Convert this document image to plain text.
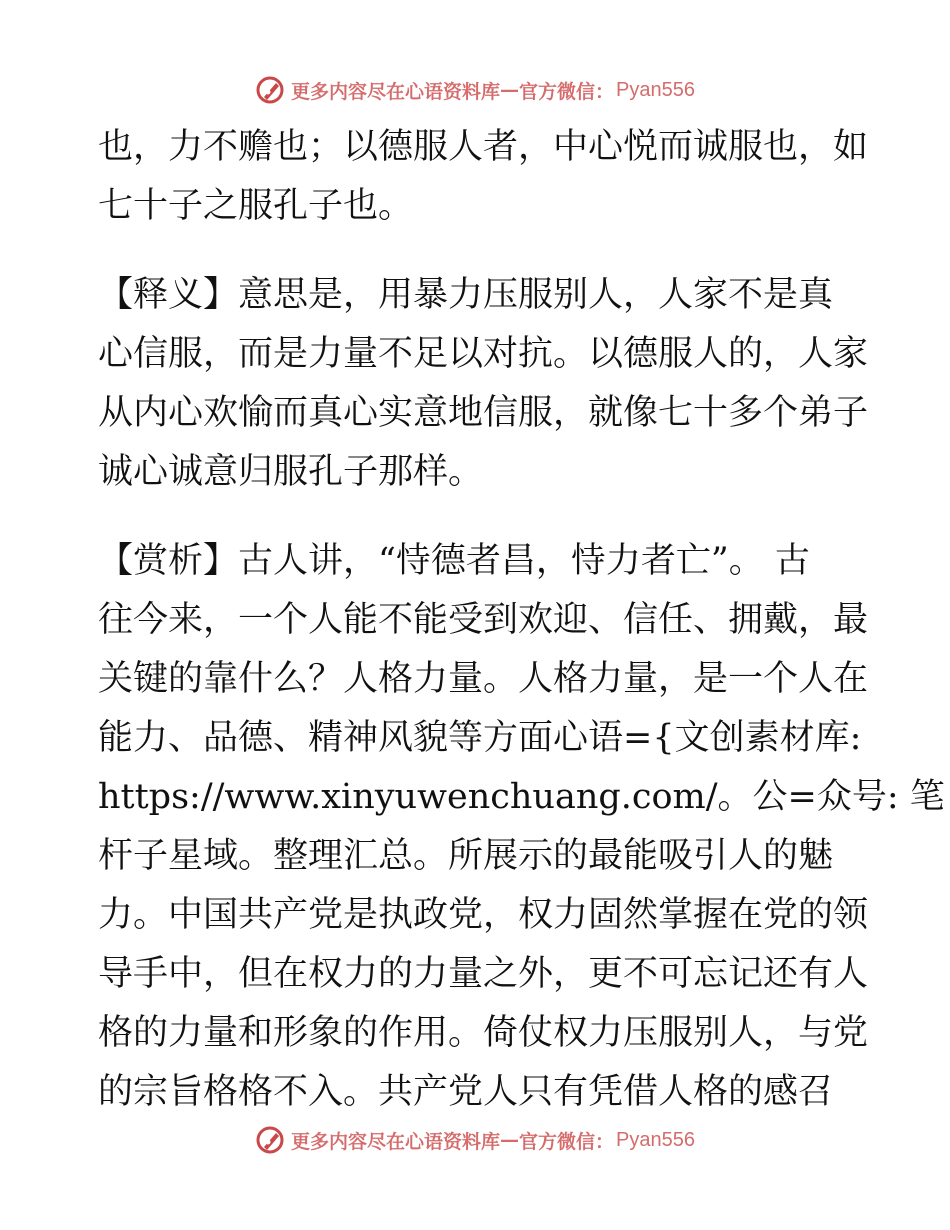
更多内容尽在心语资料库 — 官方微信： Pyan556
也，力不赡也；以德服人者，中心悦而诚服也，如
七十子之服孔子也。
【释义】意思是，用暴力压服别人，人家不是真
心信服，而是力量不足以对抗。以德服人的，人家
从内心欢愉而真心实意地信服，就像七十多个弟子
诚心诚意归服孔子那样。
【赏析】古人讲，“恃德者昌，恃力者亡”。 古
往今来，一个人能不能受到欢迎、信任、拥戴，最
关键的靠什么？人格力量。人格力量，是一个人在
能力、品德、精神风貌等方面心语={文创素材库:
https://www.xinyuwenchuang.com/。公=众号: 笔
杆子星域。整理汇总。所展示的最能吸引人的魅
力。中国共产党是执政党，权力固然掌握在党的领
导手中，但在权力的力量之外，更不可忘记还有人
格的力量和形象的作用。倚仗权力压服别人，与党
的宗旨格格不入。共产党人只有凭借人格的感召
更多内容尽在心语资料库 — 官方微信： Pyan556
